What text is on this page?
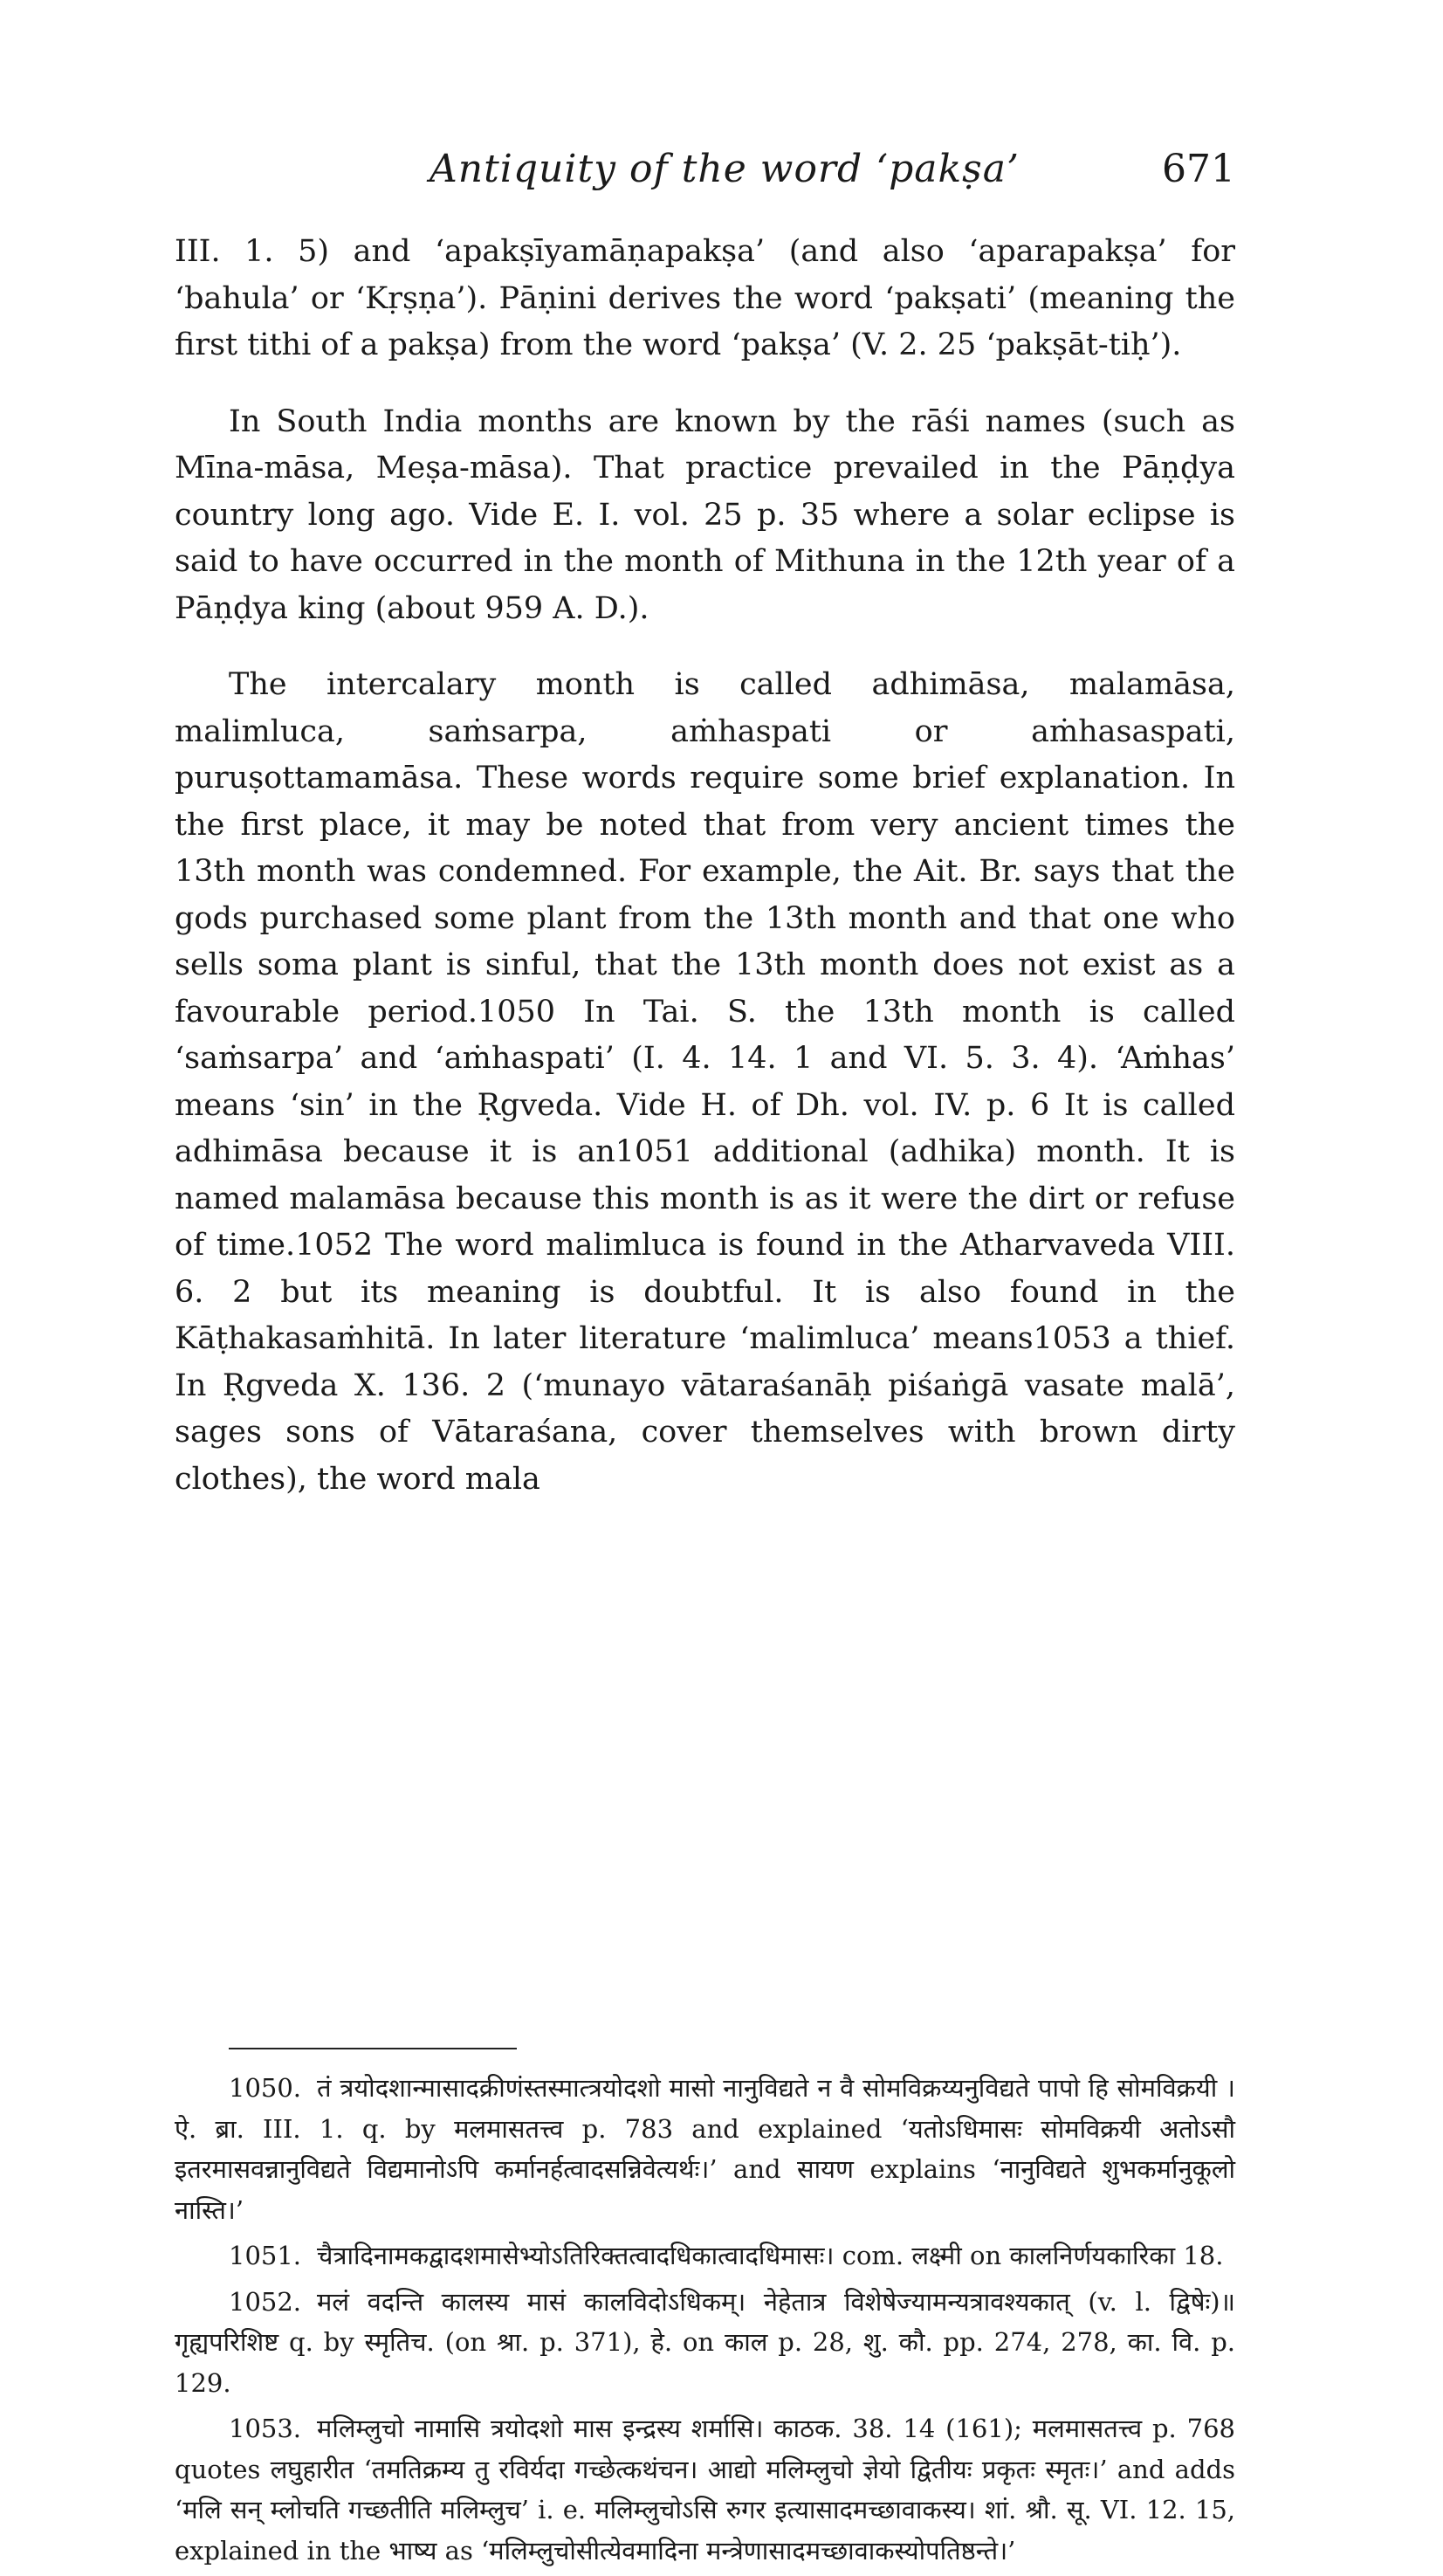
Antiquity of the word ‘pakṣa’	671

III. 1. 5) and ‘apakṣīyamāṇapakṣa’ (and also ‘aparapakṣa’ for ‘bahula’ or ‘Kṛṣṇa’). Pāṇini derives the word ‘pakṣati’ (meaning the first tithi of a pakṣa) from the word ‘pakṣa’ (V. 2. 25 ‘pakṣāt-tiḥ’).

In South India months are known by the rāśi names (such as Mīna-māsa, Meṣa-māsa). That practice prevailed in the Pāṇḍya country long ago. Vide E. I. vol. 25 p. 35 where a solar eclipse is said to have occurred in the month of Mithuna in the 12th year of a Pāṇḍya king (about 959 A. D.).

The intercalary month is called adhimāsa, malamāsa, malimluca, saṁsarpa, aṁhaspati or aṁhasaspati, puruṣottamamāsa. These words require some brief explanation. In the first place, it may be noted that from very ancient times the 13th month was condemned. For example, the Ait. Br. says that the gods purchased some plant from the 13th month and that one who sells soma plant is sinful, that the 13th month does not exist as a favourable period.1050 In Tai. S. the 13th month is called ‘saṁsarpa’ and ‘aṁhaspati’ (I. 4. 14. 1 and VI. 5. 3. 4). ‘Aṁhas’ means ‘sin’ in the Ṛgveda. Vide H. of Dh. vol. IV. p. 6 It is called adhimāsa because it is an1051 additional (adhika) month. It is named malamāsa because this month is as it were the dirt or refuse of time.1052 The word malimluca is found in the Atharvaveda VIII. 6. 2 but its meaning is doubtful. It is also found in the Kāṭhakasaṁhitā. In later literature ‘malimluca’ means1053 a thief. In Ṛgveda X. 136. 2 (‘munayo vātaraśanāḥ piśaṅgā vasate malā’, sages sons of Vātaraśana, cover themselves with brown dirty clothes), the word mala

1050. तं त्रयोदशान्मासादक्रीणंस्तस्मात्त्रयोदशो मासो नानुविद्यते न वै सोमविक्रय्यनुविद्यते पापो हि सोमविक्रयी । ऐ. ब्रा. III. 1. q. by मलमासतत्त्व p. 783 and explained ‘यतोऽधिमासः सोमविक्रयी अतोऽसौ इतरमासवन्नानुविद्यते विद्यमानोऽपि कर्मानर्हत्वादसन्निवेत्यर्थः।’ and सायण explains ‘नानुविद्यते शुभकर्मानुकूलो नास्ति।’

1051. चैत्रादिनामकद्वादशमासेभ्योऽतिरिक्तत्वादधिकात्वादधिमासः। com. लक्ष्मी on कालनिर्णयकारिका 18.

1052. मलं वदन्ति कालस्य मासं कालविदोऽधिकम्। नेहेतात्र विशेषेज्यामन्यत्रावश्यकात् (v. l. द्विषेः)॥ गृह्यपरिशिष्ट q. by स्मृतिच. (on श्रा. p. 371), हे. on काल p. 28, शु. कौ. pp. 274, 278, का. वि. p. 129.

1053. मलिम्लुचो नामासि त्रयोदशो मास इन्द्रस्य शर्मासि। काठक. 38. 14 (161); मलमासतत्त्व p. 768 quotes लघुहारीत ‘तमतिक्रम्य तु रविर्यदा गच्छेत्कथंचन। आद्यो मलिम्लुचो ज्ञेयो द्वितीयः प्रकृतः स्मृतः।’ and adds ‘मलि सन् म्लोचति गच्छतीति मलिम्लुच’ i. e. मलिम्लुचोऽसि रुगर इत्यासादमच्छावाकस्य। शां. श्रौ. सू. VI. 12. 15, explained in the भाष्य as ‘मलिम्लुचोसीत्येवमादिना मन्त्रेणासादमच्छावाकस्योपतिष्ठन्ते।’
